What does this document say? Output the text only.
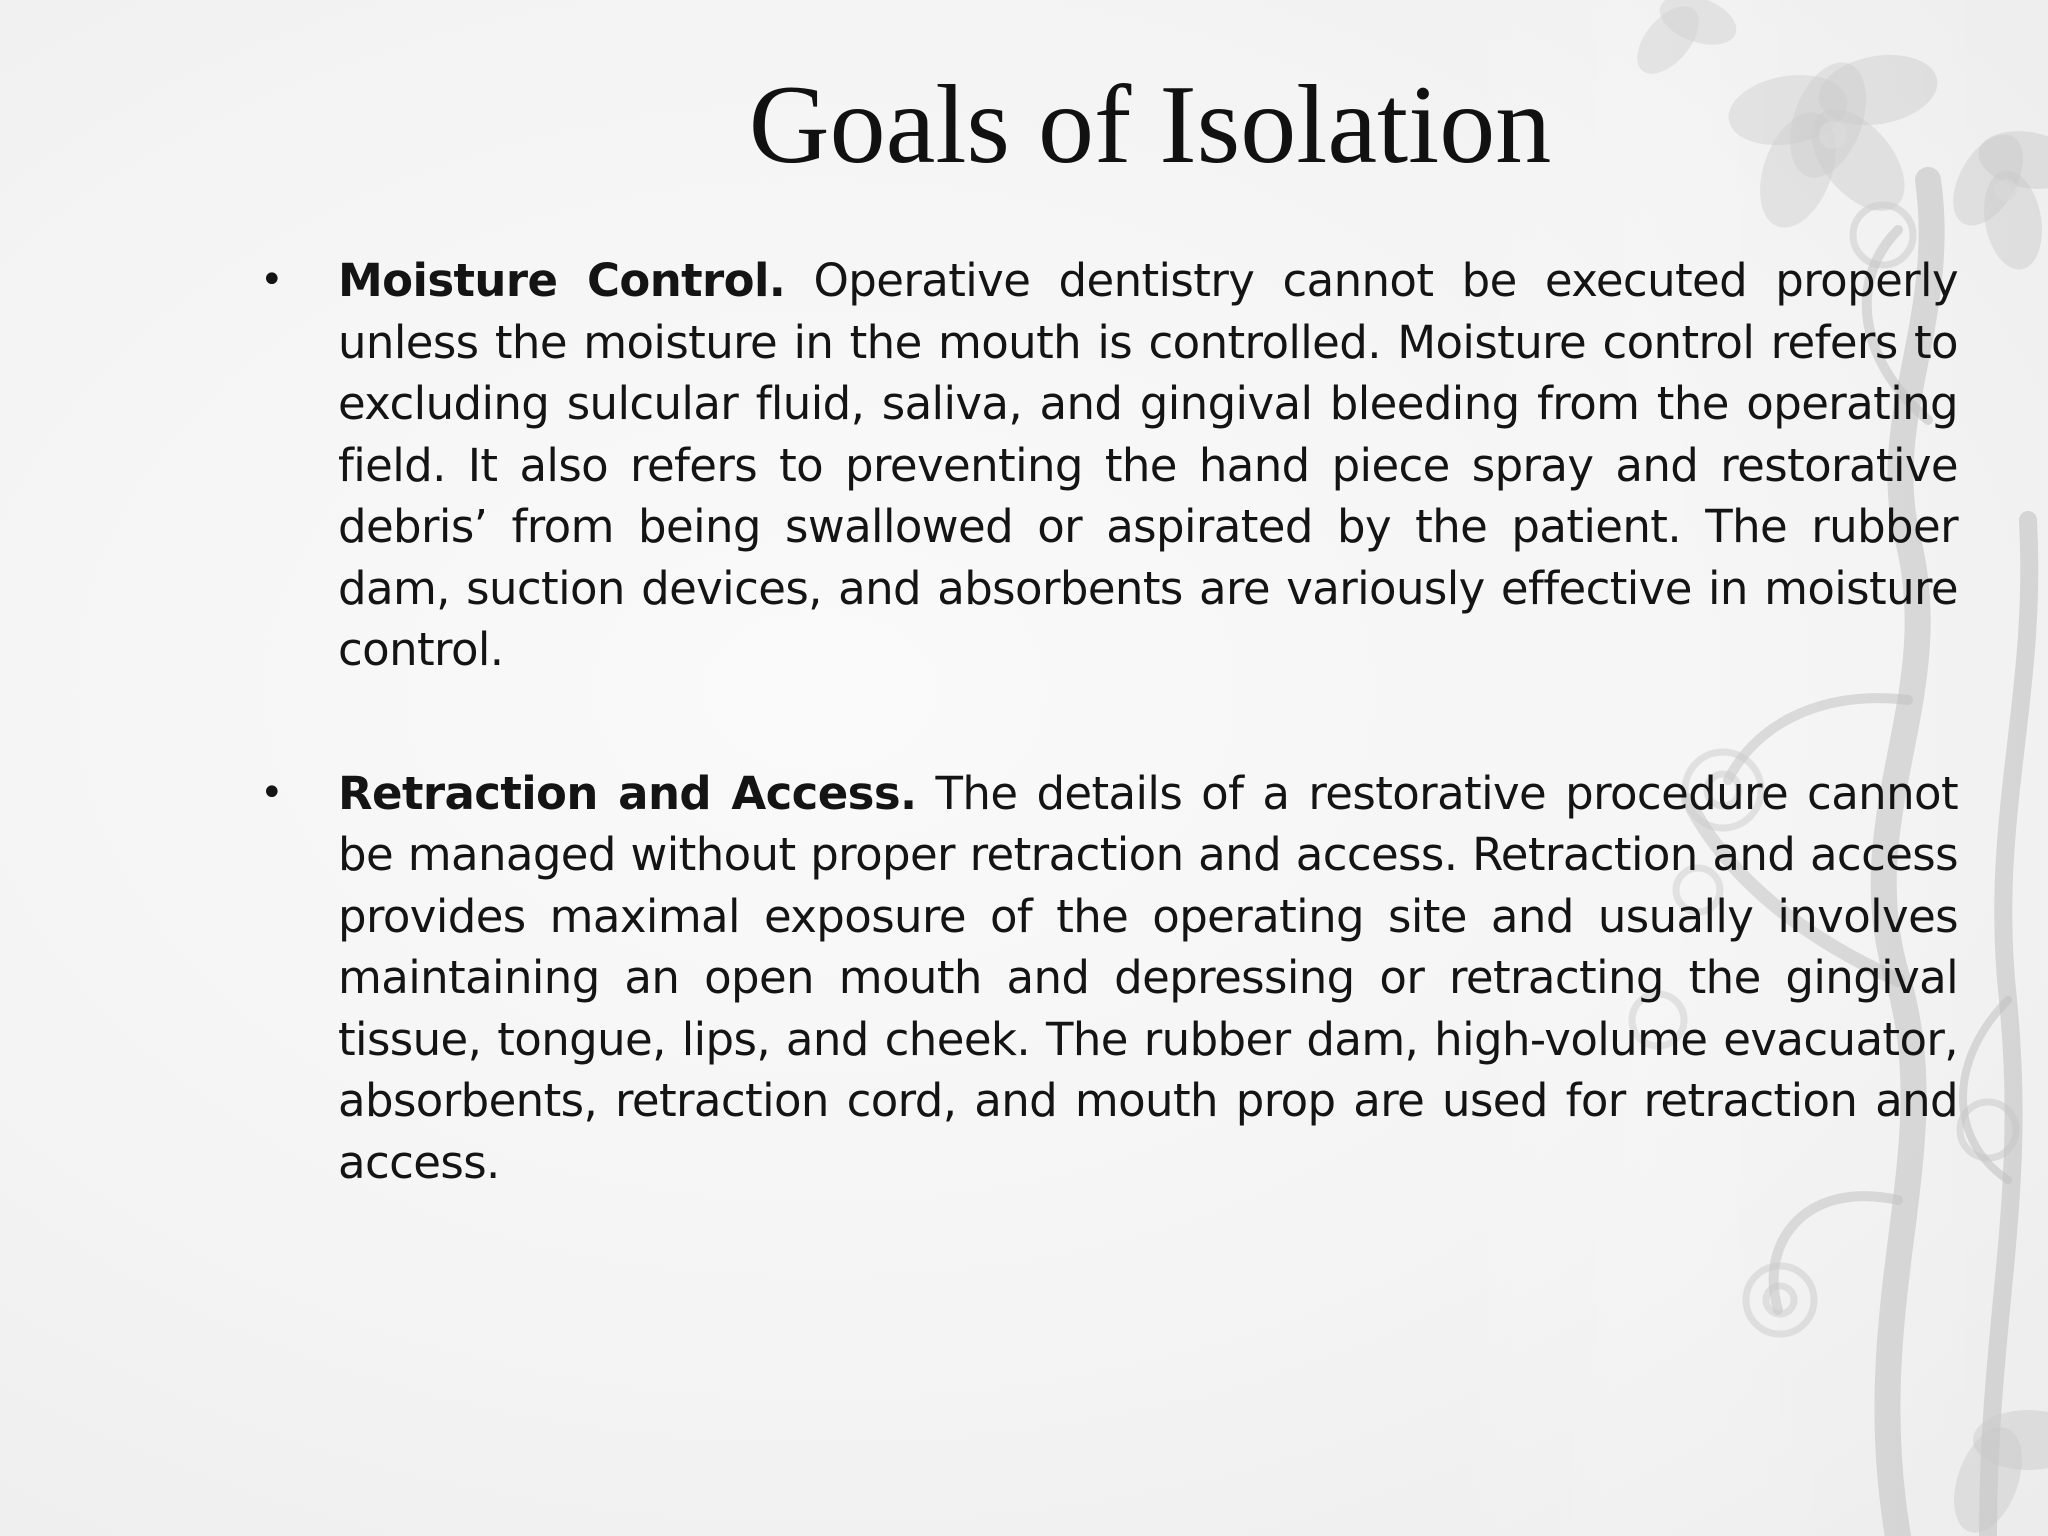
Goals of Isolation
• Moisture Control. Operative dentistry cannot be executed properly unless the moisture in the mouth is controlled. Moisture control refers to excluding sulcular fluid, saliva, and gingival bleeding from the operating field. It also refers to preventing the hand piece spray and restorative debris’ from being swallowed or aspirated by the patient. The rubber dam, suction devices, and absorbents are variously effective in moisture control.
• Retraction and Access. The details of a restorative procedure cannot be managed without proper retraction and access. Retraction and access provides maximal exposure of the operating site and usually involves maintaining an open mouth and depressing or retracting the gingival tissue, tongue, lips, and cheek. The rubber dam, high-volume evacuator, absorbents, retraction cord, and mouth prop are used for retraction and access.
